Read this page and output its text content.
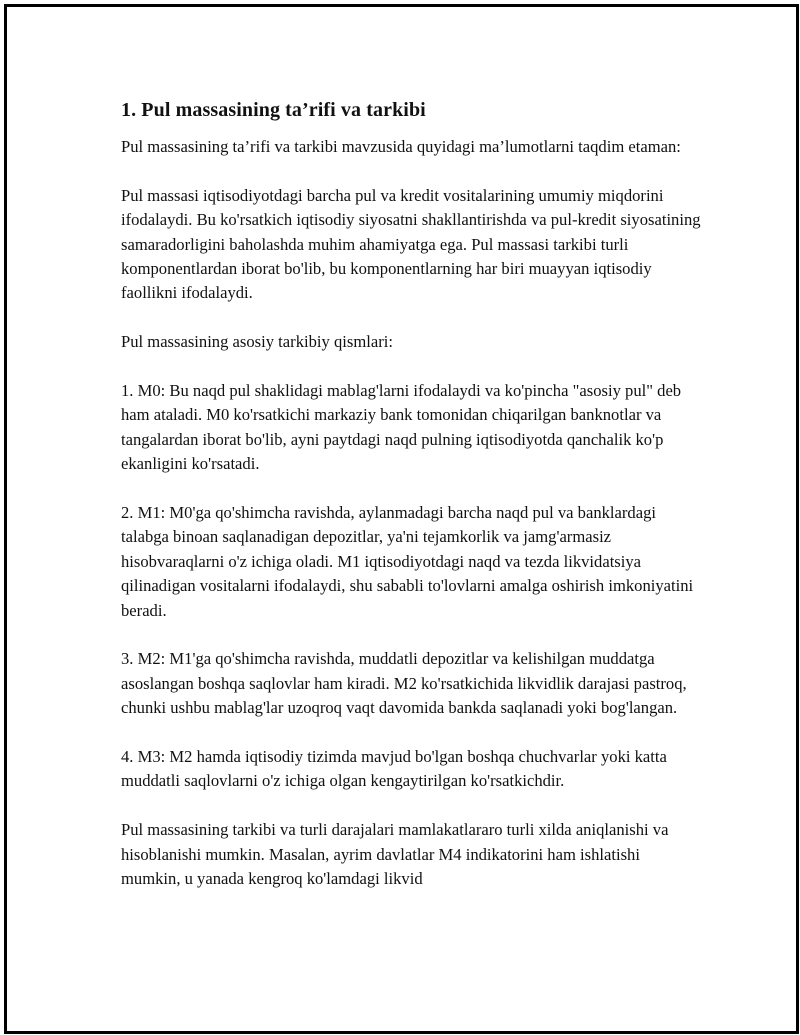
1. Pul massasining ta’rifi va tarkibi

Pul massasining ta’rifi va tarkibi mavzusida quyidagi ma’lumotlarni taqdim etaman:

Pul massasi iqtisodiyotdagi barcha pul va kredit vositalarining umumiy miqdorini ifodalaydi. Bu ko'rsatkich iqtisodiy siyosatni shakllantirishda va pul-kredit siyosatining samaradorligini baholashda muhim ahamiyatga ega. Pul massasi tarkibi turli komponentlardan iborat bo'lib, bu komponentlarning har biri muayyan iqtisodiy faollikni ifodalaydi.

Pul massasining asosiy tarkibiy qismlari:

1. M0: Bu naqd pul shaklidagi mablag'larni ifodalaydi va ko'pincha "asosiy pul" deb ham ataladi. M0 ko'rsatkichi markaziy bank tomonidan chiqarilgan banknotlar va tangalardan iborat bo'lib, ayni paytdagi naqd pulning iqtisodiyotda qanchalik ko'p ekanligini ko'rsatadi.

2. M1: M0'ga qo'shimcha ravishda, aylanmadagi barcha naqd pul va banklardagi talabga binoan saqlanadigan depozitlar, ya'ni tejamkorlik va jamg'armasiz hisobvaraqlarni o'z ichiga oladi. M1 iqtisodiyotdagi naqd va tezda likvidatsiya qilinadigan vositalarni ifodalaydi, shu sababli to'lovlarni amalga oshirish imkoniyatini beradi.

3. M2: M1'ga qo'shimcha ravishda, muddatli depozitlar va kelishilgan muddatga asoslangan boshqa saqlovlar ham kiradi. M2 ko'rsatkichida likvidlik darajasi pastroq, chunki ushbu mablag'lar uzoqroq vaqt davomida bankda saqlanadi yoki bog'langan.

4. M3: M2 hamda iqtisodiy tizimda mavjud bo'lgan boshqa chuchvarlar yoki katta muddatli saqlovlarni o'z ichiga olgan kengaytirilgan ko'rsatkichdir.

Pul massasining tarkibi va turli darajalari mamlakatlararo turli xilda aniqlanishi va hisoblanishi mumkin. Masalan, ayrim davlatlar M4 indikatorini ham ishlatishi mumkin, u yanada kengroq ko'lamdagi likvid
